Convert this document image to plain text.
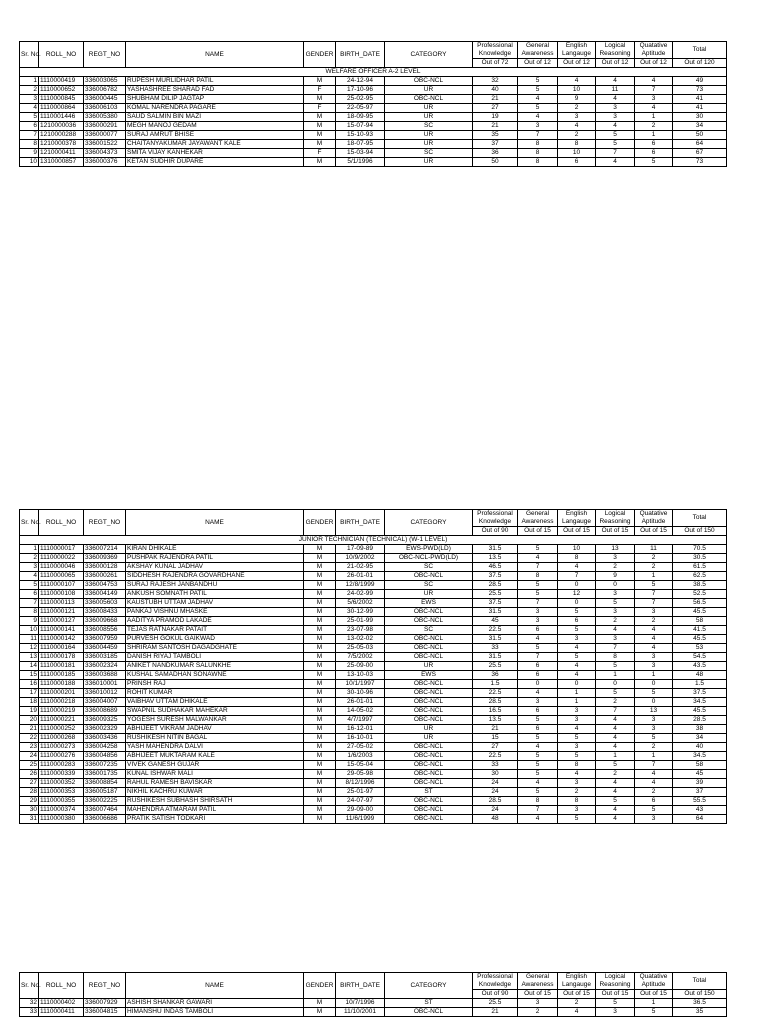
Sr. No.	ROLL_NO	REGT_NO	NAME	GENDER	BIRTH_DATE	CATEGORY	Professional Knowledge	General Awareness	English Langauge	Logical Reasoning	Quatative Aptitude	Total
							Out of 72	Out of 12	Out of 12	Out of 12	Out of 12	Out of 120
WELFARE OFFICER A-2 LEVEL												
1	1110000419	336003065	RUPESH MURLIDHAR PATIL	M	24-12-94	OBC-NCL	32	5	4	4	4	49
2	1110000652	336006782	YASHASHREE SHARAD FAD	F	17-10-96	UR	40	5	10	11	7	73
3	1110000845	336000445	SHUBHAM DILIP JAGTAP	M	25-02-95	OBC-NCL	21	4	9	4	3	41
4	1110000864	336006103	KOMAL NARENDRA PAGARE	F	22-05-97	UR	27	5	2	3	4	41
5	1110001446	336005380	SAUD SALMIN BIN MAZI	M	18-09-95	UR	19	4	3	3	1	30
6	1210000036	336000291	MEGH MANOJ GEDAM	M	15-07-94	SC	21	3	4	4	2	34
7	1210000288	336000077	SURAJ AMRUT BHISE	M	15-10-93	UR	35	7	2	5	1	50
8	1210000378	336001522	CHAITANYAKUMAR JAYAWANT KALE	M	18-07-95	UR	37	8	8	5	6	64
9	1210000411	336004373	SMITA VIJAY KANHEKAR	F	15-03-94	SC	36	8	10	7	6	67
10	1310000857	336000376	KETAN SUDHIR DUPARE	M	5/1/1996	UR	50	8	6	4	5	73
Sr. No.	ROLL_NO	REGT_NO	NAME	GENDER	BIRTH_DATE	CATEGORY	Professional Knowledge	General Awareness	English Langauge	Logical Reasoning	Quatative Aptitude	Total
							Out of 90	Out of 15	Out of 15	Out of 15	Out of 15	Out of 150
JUNIOR TECHNICIAN (TECHNICAL) (W-1 LEVEL)												
1	1110000017	336007214	KIRAN DHIKALE	M	17-09-89	EWS-PWD(LD)	31.5	5	10	13	11	70.5
2	1110000022	336009369	PUSHPAK RAJENDRA PATIL	M	10/9/2002	OBC-NCL-PWD(LD)	13.5	4	8	3	2	30.5
3	1110000046	336000128	AKSHAY KUNAL JADHAV	M	21-02-95	SC	46.5	7	4	2	2	61.5
4	1110000065	336000261	SIDDHESH RAJENDRA GOVARDHANE	M	26-01-01	OBC-NCL	37.5	8	7	9	1	62.5
5	1110000107	336004753	SURAJ RAJESH JANBANDHU	M	12/8/1999	SC	28.5	5	0	0	5	38.5
6	1110000108	336004149	ANKUSH SOMNATH PATIL	M	24-02-99	UR	25.5	5	12	3	7	52.5
7	1110000113	336005603	KAUSTUBH UTTAM JADHAV	M	5/6/2002	EWS	37.5	7	0	5	7	56.5
8	1110000121	336008433	PANKAJ VISHNU MHASKE	M	30-12-99	OBC-NCL	31.5	3	5	3	3	45.5
9	1110000127	336009668	AADITYA PRAMOD LAKADE	M	25-01-99	OBC-NCL	45	3	6	2	2	58
10	1110000141	336008556	TEJAS RATNAKAR PATAIT	M	23-07-98	SC	22.5	6	5	4	4	41.5
11	1110000142	336007959	PURVESH GOKUL GAIKWAD	M	13-02-02	OBC-NCL	31.5	4	3	3	4	45.5
12	1110000164	336004459	SHRIRAM SANTOSH DAGADGHATE	M	25-05-03	OBC-NCL	33	5	4	7	4	53
13	1110000178	336003185	DANISH RIYAJ TAMBOLI	M	7/5/2002	OBC-NCL	31.5	7	5	8	3	54.5
14	1110000181	336002324	ANIKET NANDKUMAR SALUNKHE	M	25-09-00	UR	25.5	6	4	5	3	43.5
15	1110000185	336003688	KUSHAL SAMADHAN SONAWNE	M	13-10-03	EWS	36	6	4	1	1	48
16	1110000188	336010001	PRINSH RAJ	M	10/1/1997	OBC-NCL	1.5	0	0	0	0	1.5
17	1110000201	336010012	ROHIT KUMAR	M	30-10-96	OBC-NCL	22.5	4	1	5	5	37.5
18	1110000218	336004007	VAIBHAV UTTAM DHIKALE	M	26-01-01	OBC-NCL	28.5	3	1	2	0	34.5
19	1110000219	336008689	SWAPNIL SUDHAKAR MAHEKAR	M	14-05-02	OBC-NCL	16.5	6	3	7	13	45.5
20	1110000221	336009325	YOGESH SURESH MALWANKAR	M	4/7/1997	OBC-NCL	13.5	5	3	4	3	28.5
21	1110000252	336002329	ABHIJEET VIKRAM JADHAV	M	16-12-01	UR	21	6	4	4	3	38
22	1110000268	336003436	RUSHIKESH NITIN BAGAL	M	16-10-01	UR	15	5	5	4	5	34
23	1110000273	336004258	YASH MAHENDRA DALVI	M	27-05-02	OBC-NCL	27	4	3	4	2	40
24	1110000276	336004856	ABHIJEET MUKTARAM KALE	M	1/6/2003	OBC-NCL	22.5	5	5	1	1	34.5
25	1110000283	336007235	VIVEK GANESH GUJAR	M	15-05-04	OBC-NCL	33	5	8	5	7	58
26	1110000339	336001735	KUNAL ISHWAR MALI	M	29-05-98	OBC-NCL	30	5	4	2	4	45
27	1110000352	336008854	RAHUL RAMESH BAVISKAR	M	8/12/1996	OBC-NCL	24	4	3	4	4	39
28	1110000353	336005187	NIKHIL KACHRU KUWAR	M	25-01-97	ST	24	5	2	4	2	37
29	1110000355	336002225	RUSHIKESH SUBHASH SHIRSATH	M	24-07-97	OBC-NCL	28.5	8	8	5	6	55.5
30	1110000374	336007464	MAHENDRA ATMARAM PATIL	M	29-09-00	OBC-NCL	24	7	3	4	5	43
31	1110000380	336006686	PRATIK SATISH TODKARI	M	11/6/1999	OBC-NCL	48	4	5	4	3	64
Sr. No.	ROLL_NO	REGT_NO	NAME	GENDER	BIRTH_DATE	CATEGORY	Professional Knowledge	General Awareness	English Langauge	Logical Reasoning	Quatative Aptitude	Total
							Out of 90	Out of 15	Out of 15	Out of 15	Out of 15	Out of 150
32	1110000402	336007929	ASHISH SHANKAR GAWARI	M	10/7/1996	ST	25.5	3	2	5	1	36.5
33	1110000411	336004815	HIMANSHU INDAS TAMBOLI	M	11/10/2001	OBC-NCL	21	2	4	3	5	35
